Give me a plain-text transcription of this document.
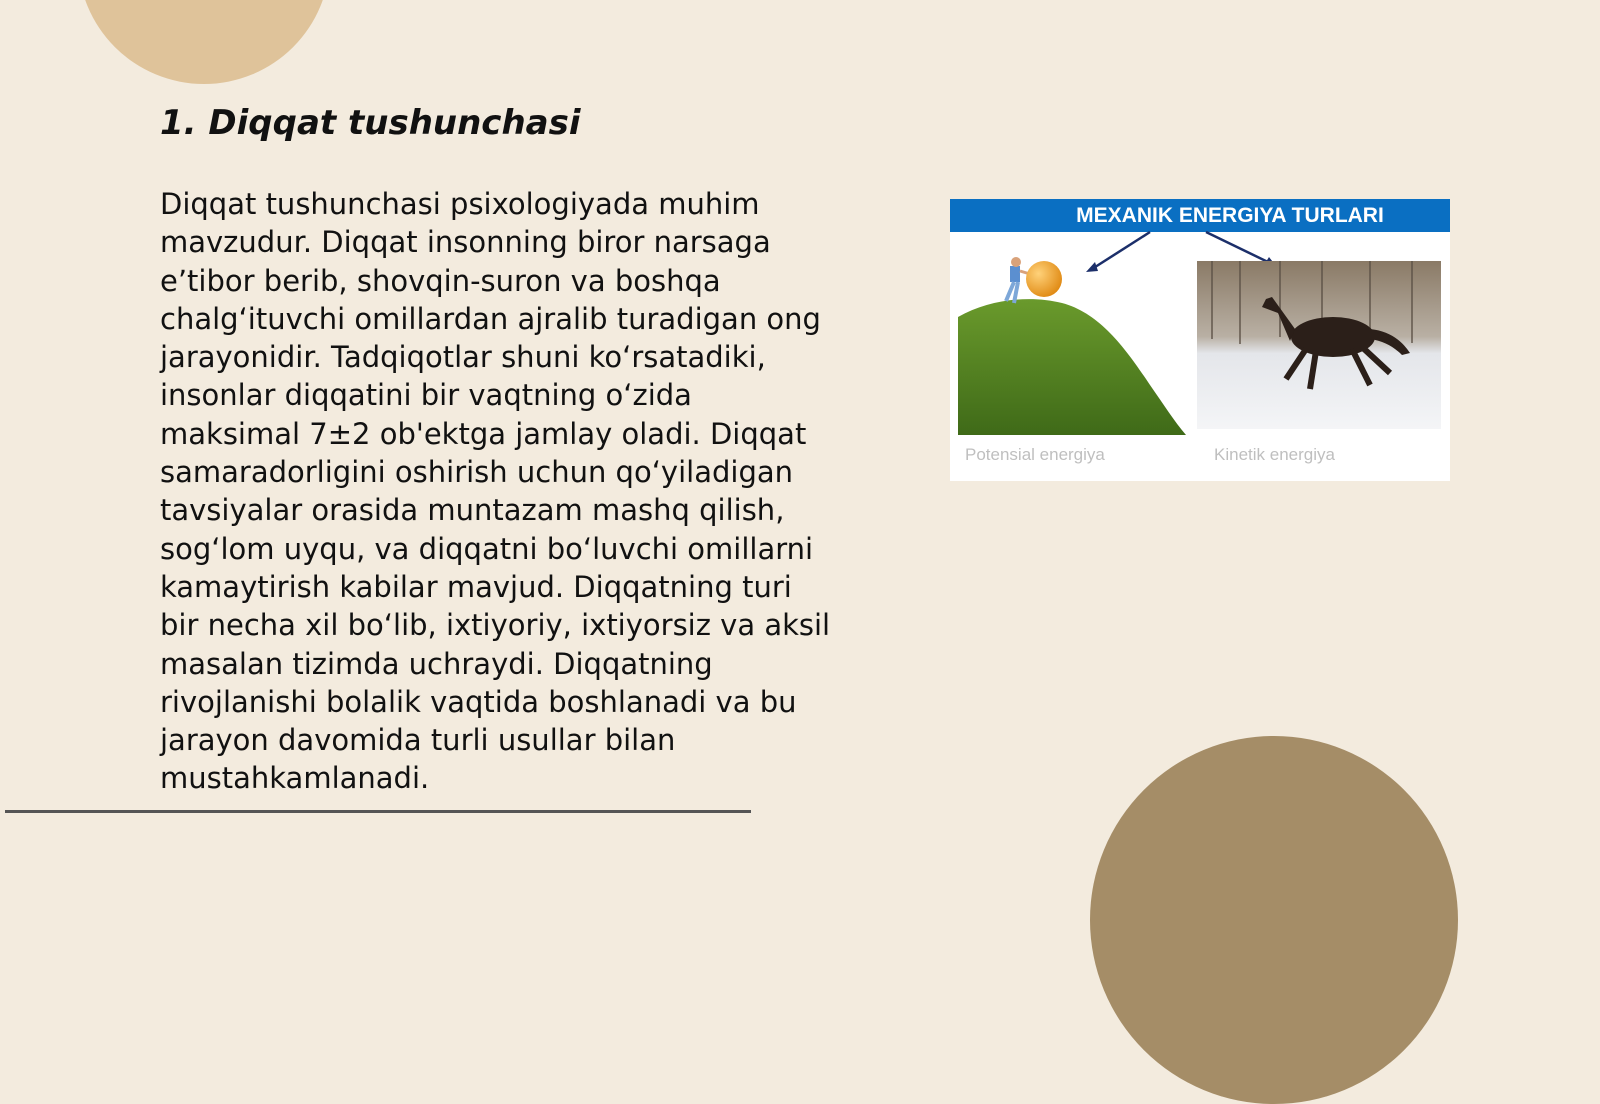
1. Diqqat tushunchasi
Diqqat tushunchasi psixologiyada muhim
mavzudur. Diqqat insonning biror narsaga
e’tibor berib, shovqin-suron va boshqa
chalg‘ituvchi omillardan ajralib turadigan ong
jarayonidir. Tadqiqotlar shuni ko‘rsatadiki,
insonlar diqqatini bir vaqtning o‘zida
maksimal 7±2 ob'ektga jamlay oladi. Diqqat
samaradorligini oshirish uchun qo‘yiladigan
tavsiyalar orasida muntazam mashq qilish,
sog‘lom uyqu, va diqqatni bo‘luvchi omillarni
kamaytirish kabilar mavjud. Diqqatning turi
bir necha xil bo‘lib, ixtiyoriy, ixtiyorsiz va aksil
masalan tizimda uchraydi. Diqqatning
rivojlanishi bolalik vaqtida boshlanadi va bu
jarayon davomida turli usullar bilan
mustahkamlanadi.
MEXANIK ENERGIYA TURLARI
Potensial energiya	Kinetik energiya
